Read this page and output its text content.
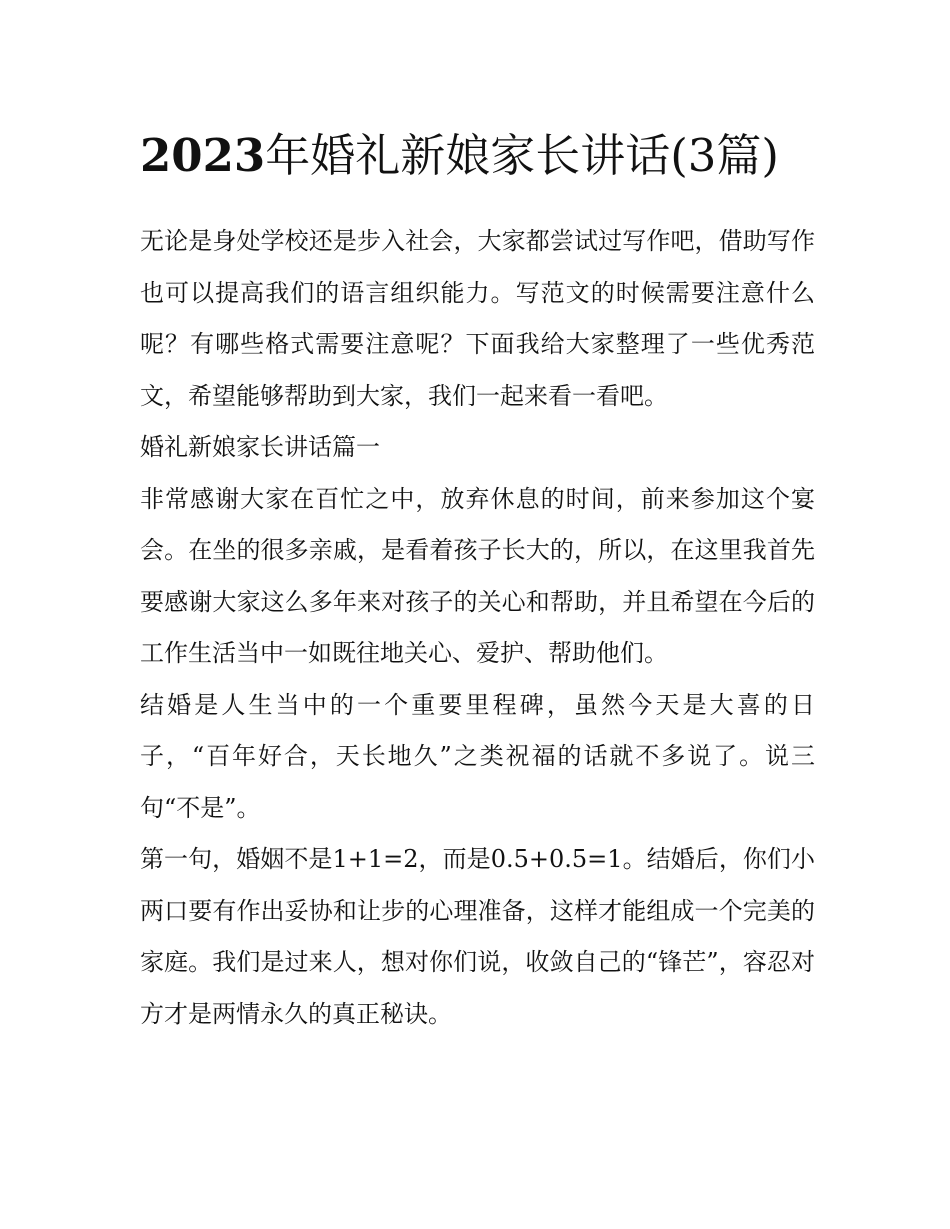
2023年婚礼新娘家长讲话(3篇)

无论是身处学校还是步入社会，大家都尝试过写作吧，借助写作也可以提高我们的语言组织能力。写范文的时候需要注意什么呢？有哪些格式需要注意呢？下面我给大家整理了一些优秀范文，希望能够帮助到大家，我们一起来看一看吧。

婚礼新娘家长讲话篇一

非常感谢大家在百忙之中，放弃休息的时间，前来参加这个宴会。在坐的很多亲戚，是看着孩子长大的，所以，在这里我首先要感谢大家这么多年来对孩子的关心和帮助，并且希望在今后的工作生活当中一如既往地关心、爱护、帮助他们。

结婚是人生当中的一个重要里程碑，虽然今天是大喜的日子，“百年好合，天长地久”之类祝福的话就不多说了。说三句“不是”。

第一句，婚姻不是1+1=2，而是0.5+0.5=1。结婚后，你们小两口要有作出妥协和让步的心理准备，这样才能组成一个完美的家庭。我们是过来人，想对你们说，收敛自己的“锋芒”，容忍对方才是两情永久的真正秘诀。
